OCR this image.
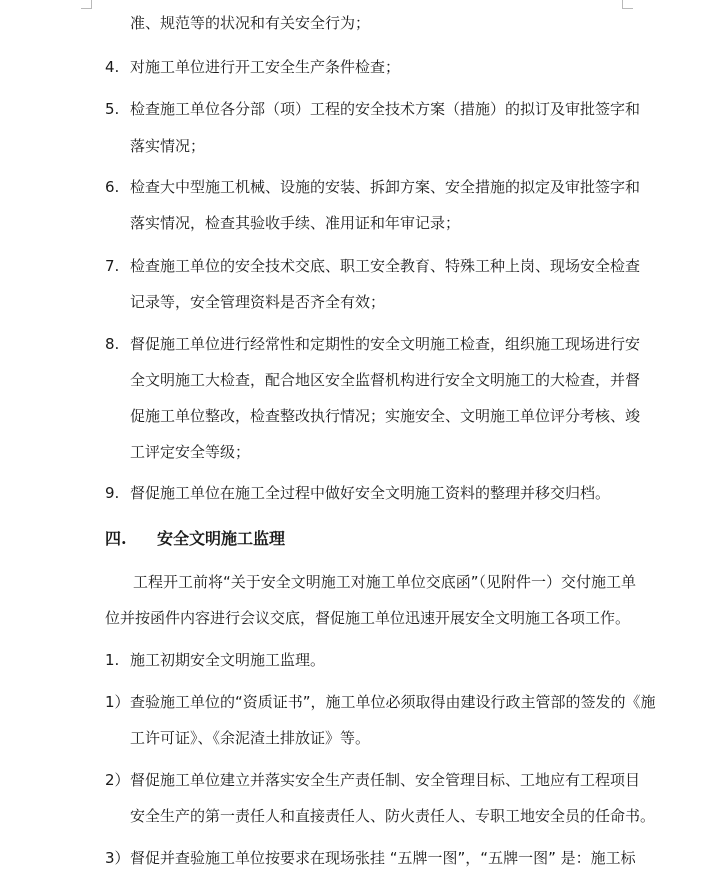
准、规范等的状况和有关安全行为；
4. 对施工单位进行开工安全生产条件检查；
5. 检查施工单位各分部（项）工程的安全技术方案（措施）的拟订及审批签字和
落实情况；
6. 检查大中型施工机械、设施的安装、拆卸方案、安全措施的拟定及审批签字和
落实情况，检查其验收手续、准用证和年审记录；
7. 检查施工单位的安全技术交底、职工安全教育、特殊工种上岗、现场安全检查
记录等，安全管理资料是否齐全有效；
8. 督促施工单位进行经常性和定期性的安全文明施工检查，组织施工现场进行安
全文明施工大检查，配合地区安全监督机构进行安全文明施工的大检查，并督
促施工单位整改，检查整改执行情况；实施安全、文明施工单位评分考核、竣
工评定安全等级；
9. 督促施工单位在施工全过程中做好安全文明施工资料的整理并移交归档。
四. 安全文明施工监理
工程开工前将“关于安全文明施工对施工单位交底函”（见附件一）交付施工单
位并按函件内容进行会议交底，督促施工单位迅速开展安全文明施工各项工作。
1. 施工初期安全文明施工监理。
1） 查验施工单位的“资质证书”，施工单位必须取得由建设行政主管部的签发的《施
工许可证》、《余泥渣土排放证》等。
2） 督促施工单位建立并落实安全生产责任制、安全管理目标、工地应有工程项目
安全生产的第一责任人和直接责任人、防火责任人、专职工地安全员的任命书。
3） 督促并查验施工单位按要求在现场张挂 “五牌一图”，“五牌一图” 是：施工标
